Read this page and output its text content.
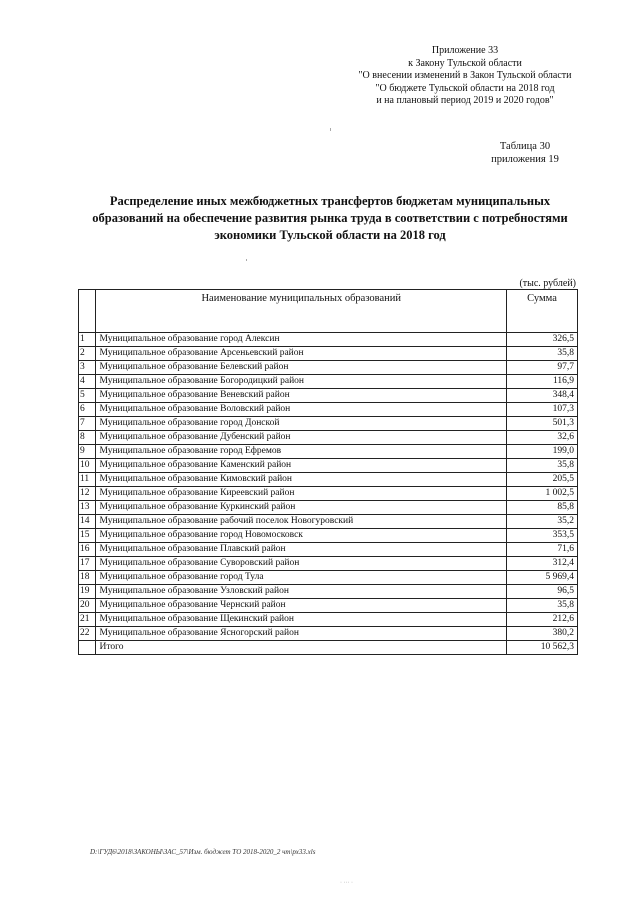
Приложение 33
к Закону Тульской области
"О внесении изменений в Закон Тульской области
"О бюджете Тульской области на 2018 год
и на плановый период 2019 и 2020 годов"
Таблица 30
приложения 19
Распределение иных межбюджетных трансфертов бюджетам муниципальных образований на обеспечение развития рынка труда в соответствии с потребностями экономики Тульской области на 2018 год
(тыс. рублей)
	Наименование муниципальных образований	Сумма
1	Муниципальное образование город Алексин	326,5
2	Муниципальное образование Арсеньевский район	35,8
3	Муниципальное образование Белевский район	97,7
4	Муниципальное образование Богородицкий район	116,9
5	Муниципальное образование Веневский район	348,4
6	Муниципальное образование Воловский район	107,3
7	Муниципальное образование город Донской	501,3
8	Муниципальное образование Дубенский район	32,6
9	Муниципальное образование город Ефремов	199,0
10	Муниципальное образование Каменский район	35,8
11	Муниципальное образование Кимовский район	205,5
12	Муниципальное образование Киреевский район	1 002,5
13	Муниципальное образование Куркинский район	85,8
14	Муниципальное образование рабочий поселок Новогуровский	35,2
15	Муниципальное образование город Новомосковск	353,5
16	Муниципальное образование Плавский район	71,6
17	Муниципальное образование Суворовский район	312,4
18	Муниципальное образование город Тула	5 969,4
19	Муниципальное образование Узловский район	96,5
20	Муниципальное образование Чернский район	35,8
21	Муниципальное образование Щекинский район	212,6
22	Муниципальное образование Ясногорский район	380,2
	Итого	10 562,3
D:\ГУД6\2018\ЗАКОНЫ\ЗАС_57\Изм. бюджет ТО 2018-2020_2 чт\рх33.xls
· ··· ·
